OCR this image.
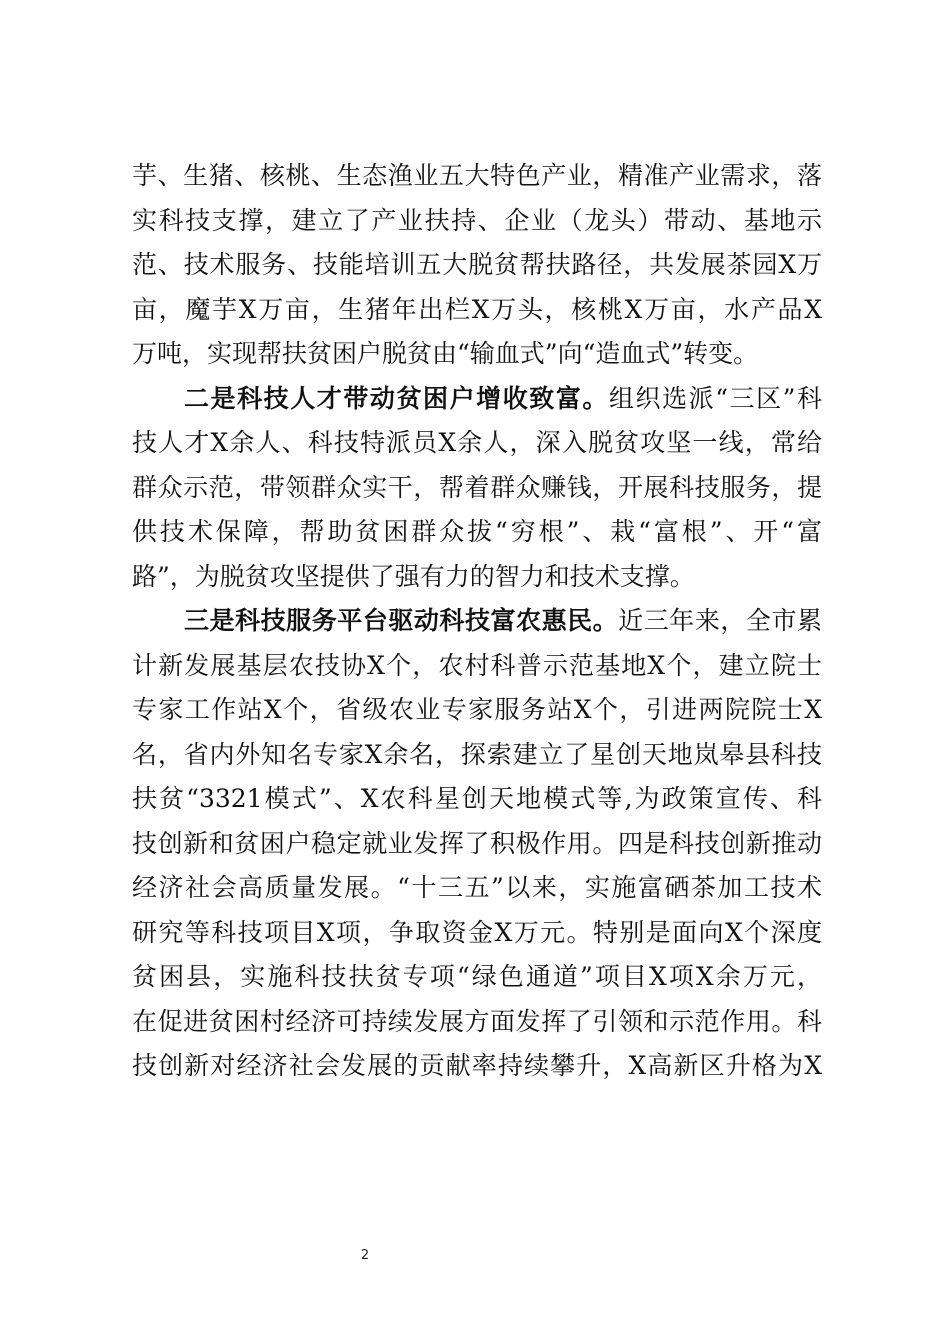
芋、生猪、核桃、生态渔业五大特色产业，精准产业需求，落
实科技支撑，建立了产业扶持、企业（龙头）带动、基地示
范、技术服务、技能培训五大脱贫帮扶路径，共发展茶园X万
亩，魔芋X万亩，生猪年出栏X万头，核桃X万亩，水产品X
万吨，实现帮扶贫困户脱贫由“输血式”向“造血式”转变。
二是科技人才带动贫困户增收致富。组织选派“三区”科
技人才X余人、科技特派员X余人，深入脱贫攻坚一线，常给
群众示范，带领群众实干，帮着群众赚钱，开展科技服务，提
供技术保障，帮助贫困群众拔“穷根”、栽“富根”、开“富
路”，为脱贫攻坚提供了强有力的智力和技术支撑。
三是科技服务平台驱动科技富农惠民。近三年来，全市累
计新发展基层农技协X个，农村科普示范基地X个，建立院士
专家工作站X个，省级农业专家服务站X个，引进两院院士X
名，省内外知名专家X余名，探索建立了星创天地岚皋县科技
扶贫“3321模式”、X农科星创天地模式等,为政策宣传、科
技创新和贫困户稳定就业发挥了积极作用。四是科技创新推动
经济社会高质量发展。“十三五”以来，实施富硒茶加工技术
研究等科技项目X项，争取资金X万元。特别是面向X个深度
贫困县，实施科技扶贫专项“绿色通道”项目X项X余万元，
在促进贫困村经济可持续发展方面发挥了引领和示范作用。科
技创新对经济社会发展的贡献率持续攀升，X高新区升格为X
2
